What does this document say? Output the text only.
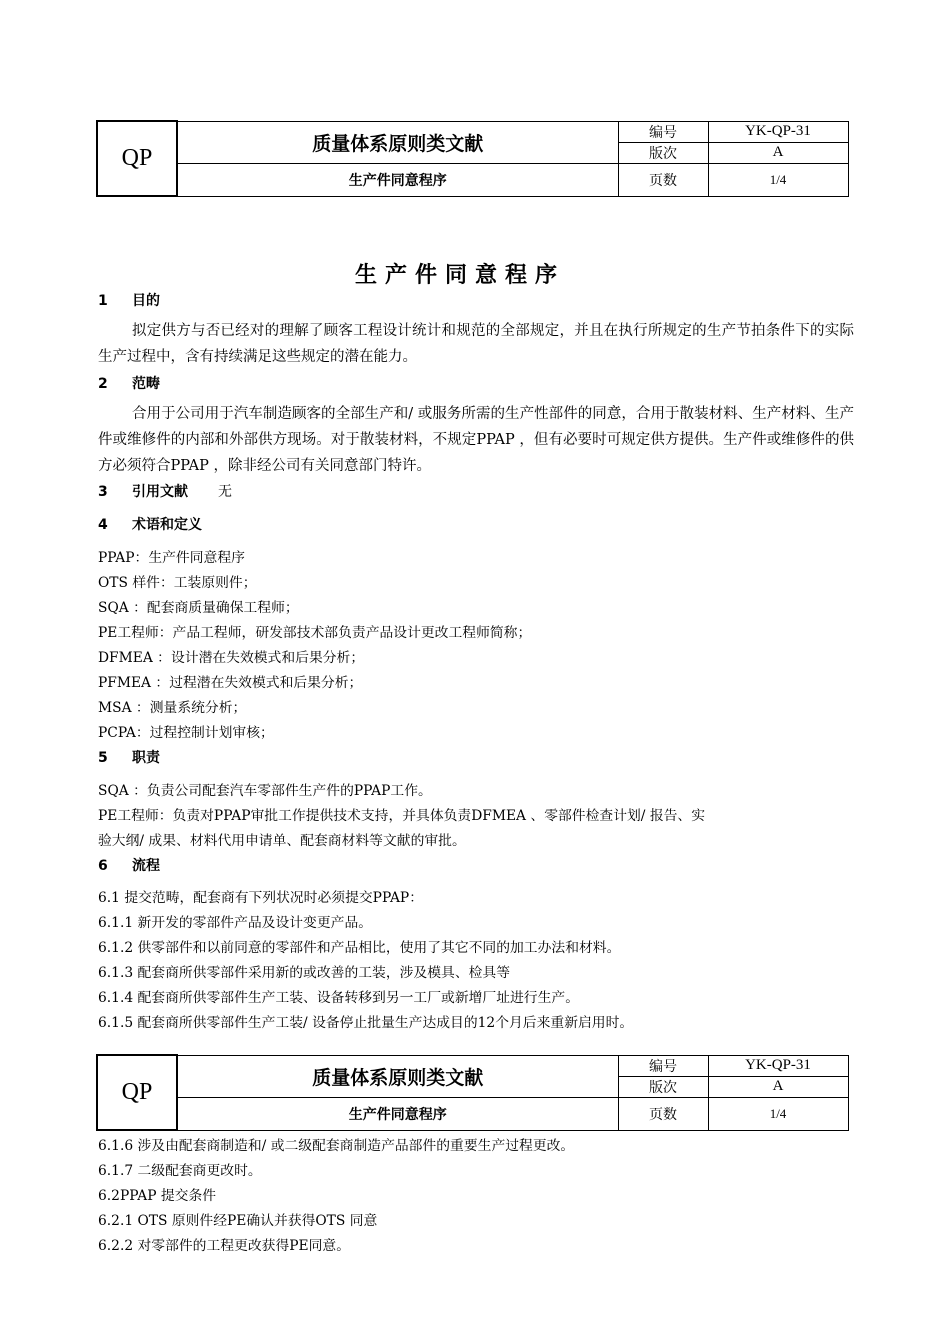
QP	质量体系原则类文献	编号	YK-QP-31
		版次	A
	生产件同意程序	页数	1/4
生产件同意程序
1 目的
拟定供方与否已经对的理解了顾客工程设计统计和规范的全部规定，并且在执行所规定的生产节拍条件下的实际生产过程中，含有持续满足这些规定的潜在能力。
2 范畴
合用于公司用于汽车制造顾客的全部生产和/ 或服务所需的生产性部件的同意，合用于散装材料、生产材料、生产件或维修件的内部和外部供方现场。对于散装材料，不规定PPAP ，但有必要时可规定供方提供。生产件或维修件的供方必须符合PPAP ，除非经公司有关同意部门特许。
3 引用文献 无
4 术语和定义
PPAP：生产件同意程序
OTS 样件：工装原则件；
SQA ：配套商质量确保工程师；
PE工程师：产品工程师，研发部技术部负责产品设计更改工程师简称；
DFMEA ：设计潜在失效模式和后果分析；
PFMEA ：过程潜在失效模式和后果分析；
MSA ：测量系统分析；
PCPA：过程控制计划审核；
5 职责
SQA ：负责公司配套汽车零部件生产件的PPAP工作。
PE工程师：负责对PPAP审批工作提供技术支持，并具体负责DFMEA 、零部件检查计划/ 报告、实
验大纲/ 成果、材料代用申请单、配套商材料等文献的审批。
6 流程
6.1 提交范畴，配套商有下列状况时必须提交PPAP：
6.1.1 新开发的零部件产品及设计变更产品。
6.1.2 供零部件和以前同意的零部件和产品相比，使用了其它不同的加工办法和材料。
6.1.3 配套商所供零部件采用新的或改善的工装，涉及模具、检具等
6.1.4 配套商所供零部件生产工装、设备转移到另一工厂或新增厂址进行生产。
6.1.5 配套商所供零部件生产工装/ 设备停止批量生产达成目的12个月后来重新启用时。
QP	质量体系原则类文献	编号	YK-QP-31
		版次	A
	生产件同意程序	页数	1/4
6.1.6 涉及由配套商制造和/ 或二级配套商制造产品部件的重要生产过程更改。
6.1.7 二级配套商更改时。
6.2PPAP 提交条件
6.2.1 OTS 原则件经PE确认并获得OTS 同意
6.2.2 对零部件的工程更改获得PE同意。
